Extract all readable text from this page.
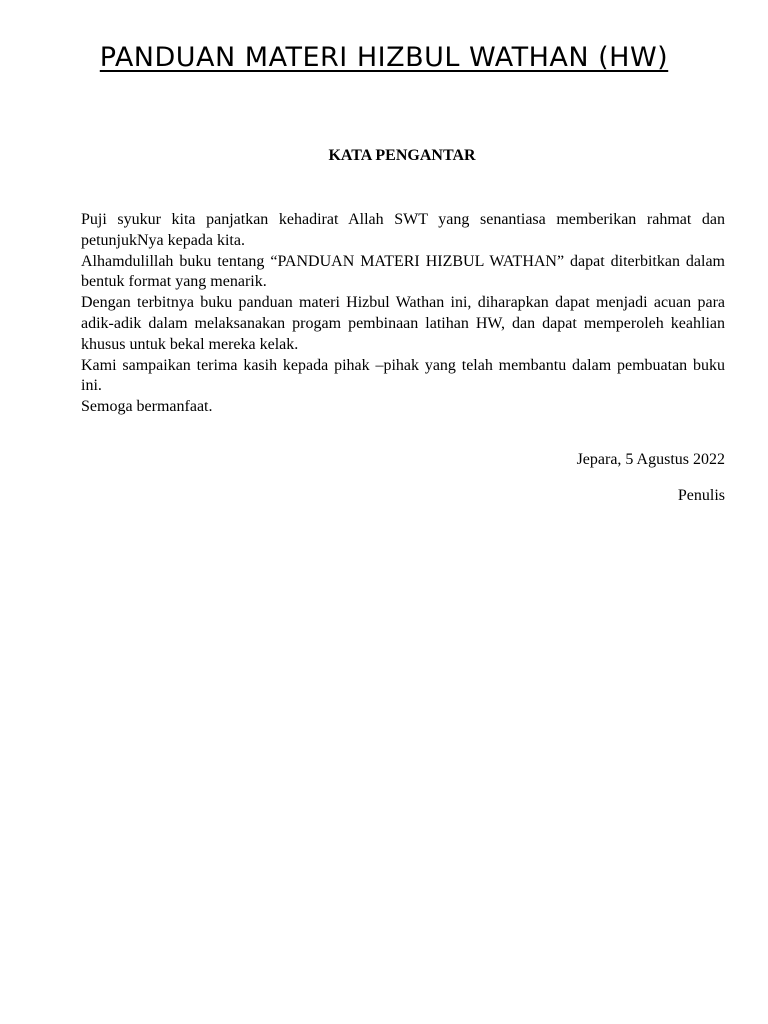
PANDUAN MATERI HIZBUL WATHAN (HW)
KATA PENGANTAR

Puji syukur kita panjatkan kehadirat Allah SWT yang senantiasa memberikan rahmat dan petunjukNya kepada kita.

Alhamdulillah buku tentang “PANDUAN MATERI HIZBUL WATHAN” dapat diterbitkan dalam bentuk format yang menarik.

Dengan terbitnya buku panduan materi Hizbul Wathan ini, diharapkan dapat menjadi acuan para adik-adik dalam melaksanakan progam pembinaan latihan HW, dan dapat memperoleh keahlian khusus untuk bekal mereka kelak.

Kami sampaikan terima kasih kepada pihak –pihak yang telah membantu dalam pembuatan buku ini.

Semoga bermanfaat.

Jepara, 5 Agustus 2022

Penulis
